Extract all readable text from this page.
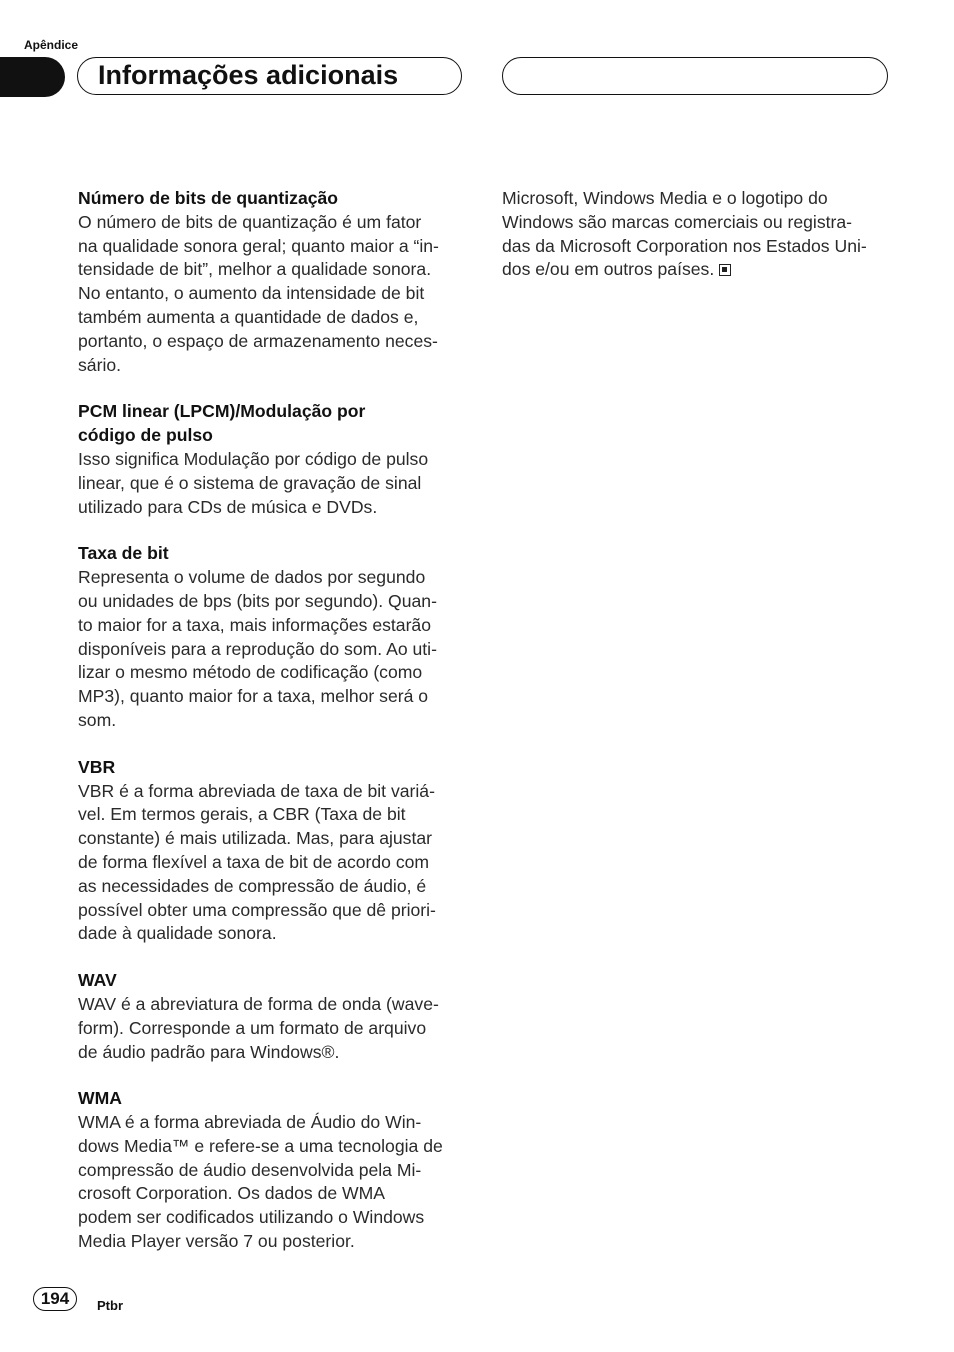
Apêndice
Informações adicionais
Número de bits de quantização
O número de bits de quantização é um fator
na qualidade sonora geral; quanto maior a “in-
tensidade de bit”, melhor a qualidade sonora.
No entanto, o aumento da intensidade de bit
também aumenta a quantidade de dados e,
portanto, o espaço de armazenamento neces-
sário.
PCM linear (LPCM)/Modulação por
código de pulso
Isso significa Modulação por código de pulso
linear, que é o sistema de gravação de sinal
utilizado para CDs de música e DVDs.
Taxa de bit
Representa o volume de dados por segundo
ou unidades de bps (bits por segundo). Quan-
to maior for a taxa, mais informações estarão
disponíveis para a reprodução do som. Ao uti-
lizar o mesmo método de codificação (como
MP3), quanto maior for a taxa, melhor será o
som.
VBR
VBR é a forma abreviada de taxa de bit variá-
vel. Em termos gerais, a CBR (Taxa de bit
constante) é mais utilizada. Mas, para ajustar
de forma flexível a taxa de bit de acordo com
as necessidades de compressão de áudio, é
possível obter uma compressão que dê priori-
dade à qualidade sonora.
WAV
WAV é a abreviatura de forma de onda (wave-
form). Corresponde a um formato de arquivo
de áudio padrão para Windows®.
WMA
WMA é a forma abreviada de Áudio do Win-
dows Media™ e refere-se a uma tecnologia de
compressão de áudio desenvolvida pela Mi-
crosoft Corporation. Os dados de WMA
podem ser codificados utilizando o Windows
Media Player versão 7 ou posterior.
Microsoft, Windows Media e o logotipo do
Windows são marcas comerciais ou registra-
das da Microsoft Corporation nos Estados Uni-
dos e/ou em outros países.
194	Ptbr
